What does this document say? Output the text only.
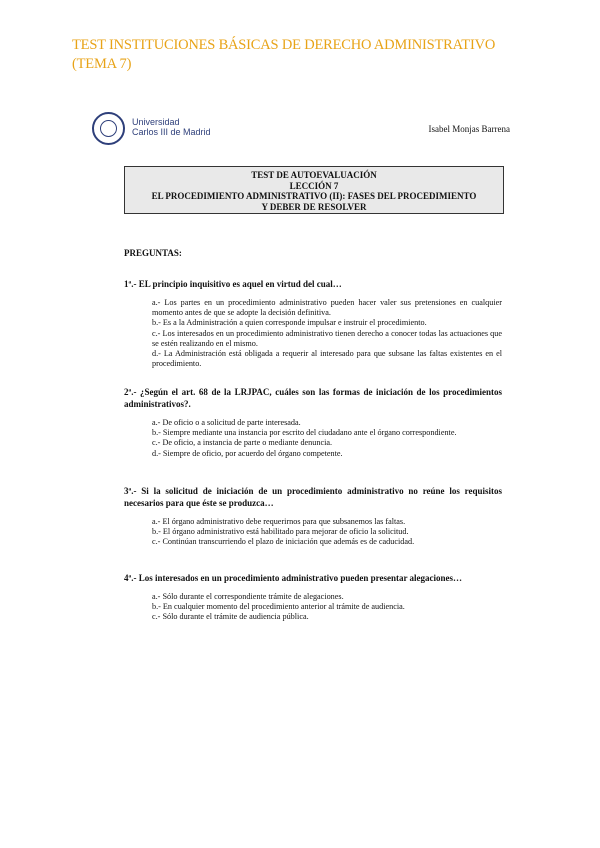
TEST INSTITUCIONES BÁSICAS DE DERECHO ADMINISTRATIVO (TEMA 7)
Universidad
Carlos III de Madrid	Isabel Monjas Barrena
TEST DE AUTOEVALUACIÓN
LECCIÓN 7
EL PROCEDIMIENTO ADMINISTRATIVO (II): FASES DEL PROCEDIMIENTO
Y DEBER DE RESOLVER
PREGUNTAS:
1ª.- EL principio inquisitivo es aquel en virtud del cual…
a.- Los partes en un procedimiento administrativo pueden hacer valer sus pretensiones en cualquier momento antes de que se adopte la decisión definitiva.
b.- Es a la Administración a quien corresponde impulsar e instruir el procedimiento.
c.- Los interesados en un procedimiento administrativo tienen derecho a conocer todas las actuaciones que se estén realizando en el mismo.
d.- La Administración está obligada a requerir al interesado para que subsane las faltas existentes en el procedimiento.
2ª.- ¿Según el art. 68 de la LRJPAC, cuáles son las formas de iniciación de los procedimientos administrativos?.
a.- De oficio o a solicitud de parte interesada.
b.- Siempre mediante una instancia por escrito del ciudadano ante el órgano correspondiente.
c.- De oficio, a instancia de parte o mediante denuncia.
d.- Siempre de oficio, por acuerdo del órgano competente.
3ª.- Si la solicitud de iniciación de un procedimiento administrativo no reúne los requisitos necesarios para que éste se produzca…
a.- El órgano administrativo debe requerirnos para que subsanemos las faltas.
b.- El órgano administrativo está habilitado para mejorar de oficio la solicitud.
c.- Continúan transcurriendo el plazo de iniciación que además es de caducidad.
4ª.- Los interesados en un procedimiento administrativo pueden presentar alegaciones…
a.- Sólo durante el correspondiente trámite de alegaciones.
b.- En cualquier momento del procedimiento anterior al trámite de audiencia.
c.- Sólo durante el trámite de audiencia pública.
